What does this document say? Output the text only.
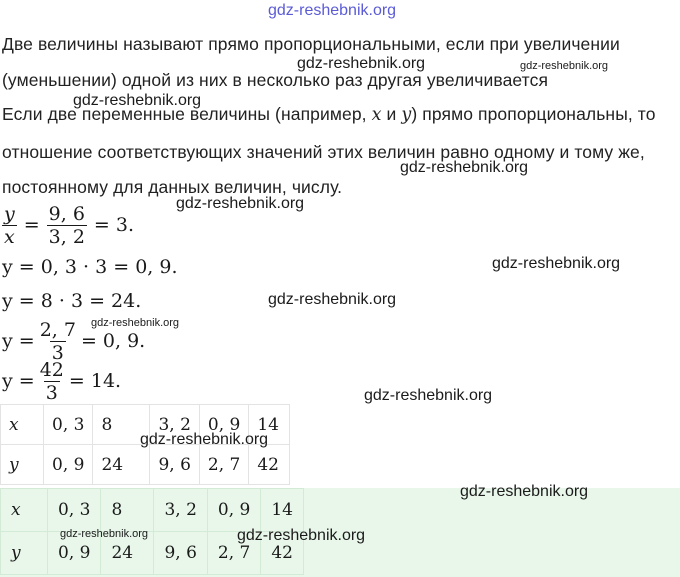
gdz-reshebnik.org
Две величины называют прямо пропорциональными, если при увеличении
(уменьшении) одной из них в несколько раз другая увеличивается
Если две переменные величины (например, x и y) прямо пропорциональны, то
отношение соответствующих значений этих величин равно одному и тому же,
постоянному для данных величин, числу.
$\frac{y}{x} = \frac{9, 6}{3, 2} = 3$.
y = 0, 3 · 3 = 0, 9.
y = 8 · 3 = 24.
$y = \frac{2, 7}{3} = 0$, 9.
$y = \frac{42}{3} = 14$.
x	0, 3	8	3, 2	0, 9	14
y	0, 9	24	9, 6	2, 7	42
x	0, 3	8	3, 2	0, 9	14
y	0, 9	24	9, 6	2, 7	42
gdz-reshebnik.org	gdz-reshebnik.org
gdz-reshebnik.org
gdz-reshebnik.org
gdz-reshebnik.org
gdz-reshebnik.org
gdz-reshebnik.org
gdz-reshebnik.org
gdz-reshebnik.org
gdz-reshebnik.org
gdz-reshebnik.org
gdz-reshebnik.org	gdz-reshebnik.org
